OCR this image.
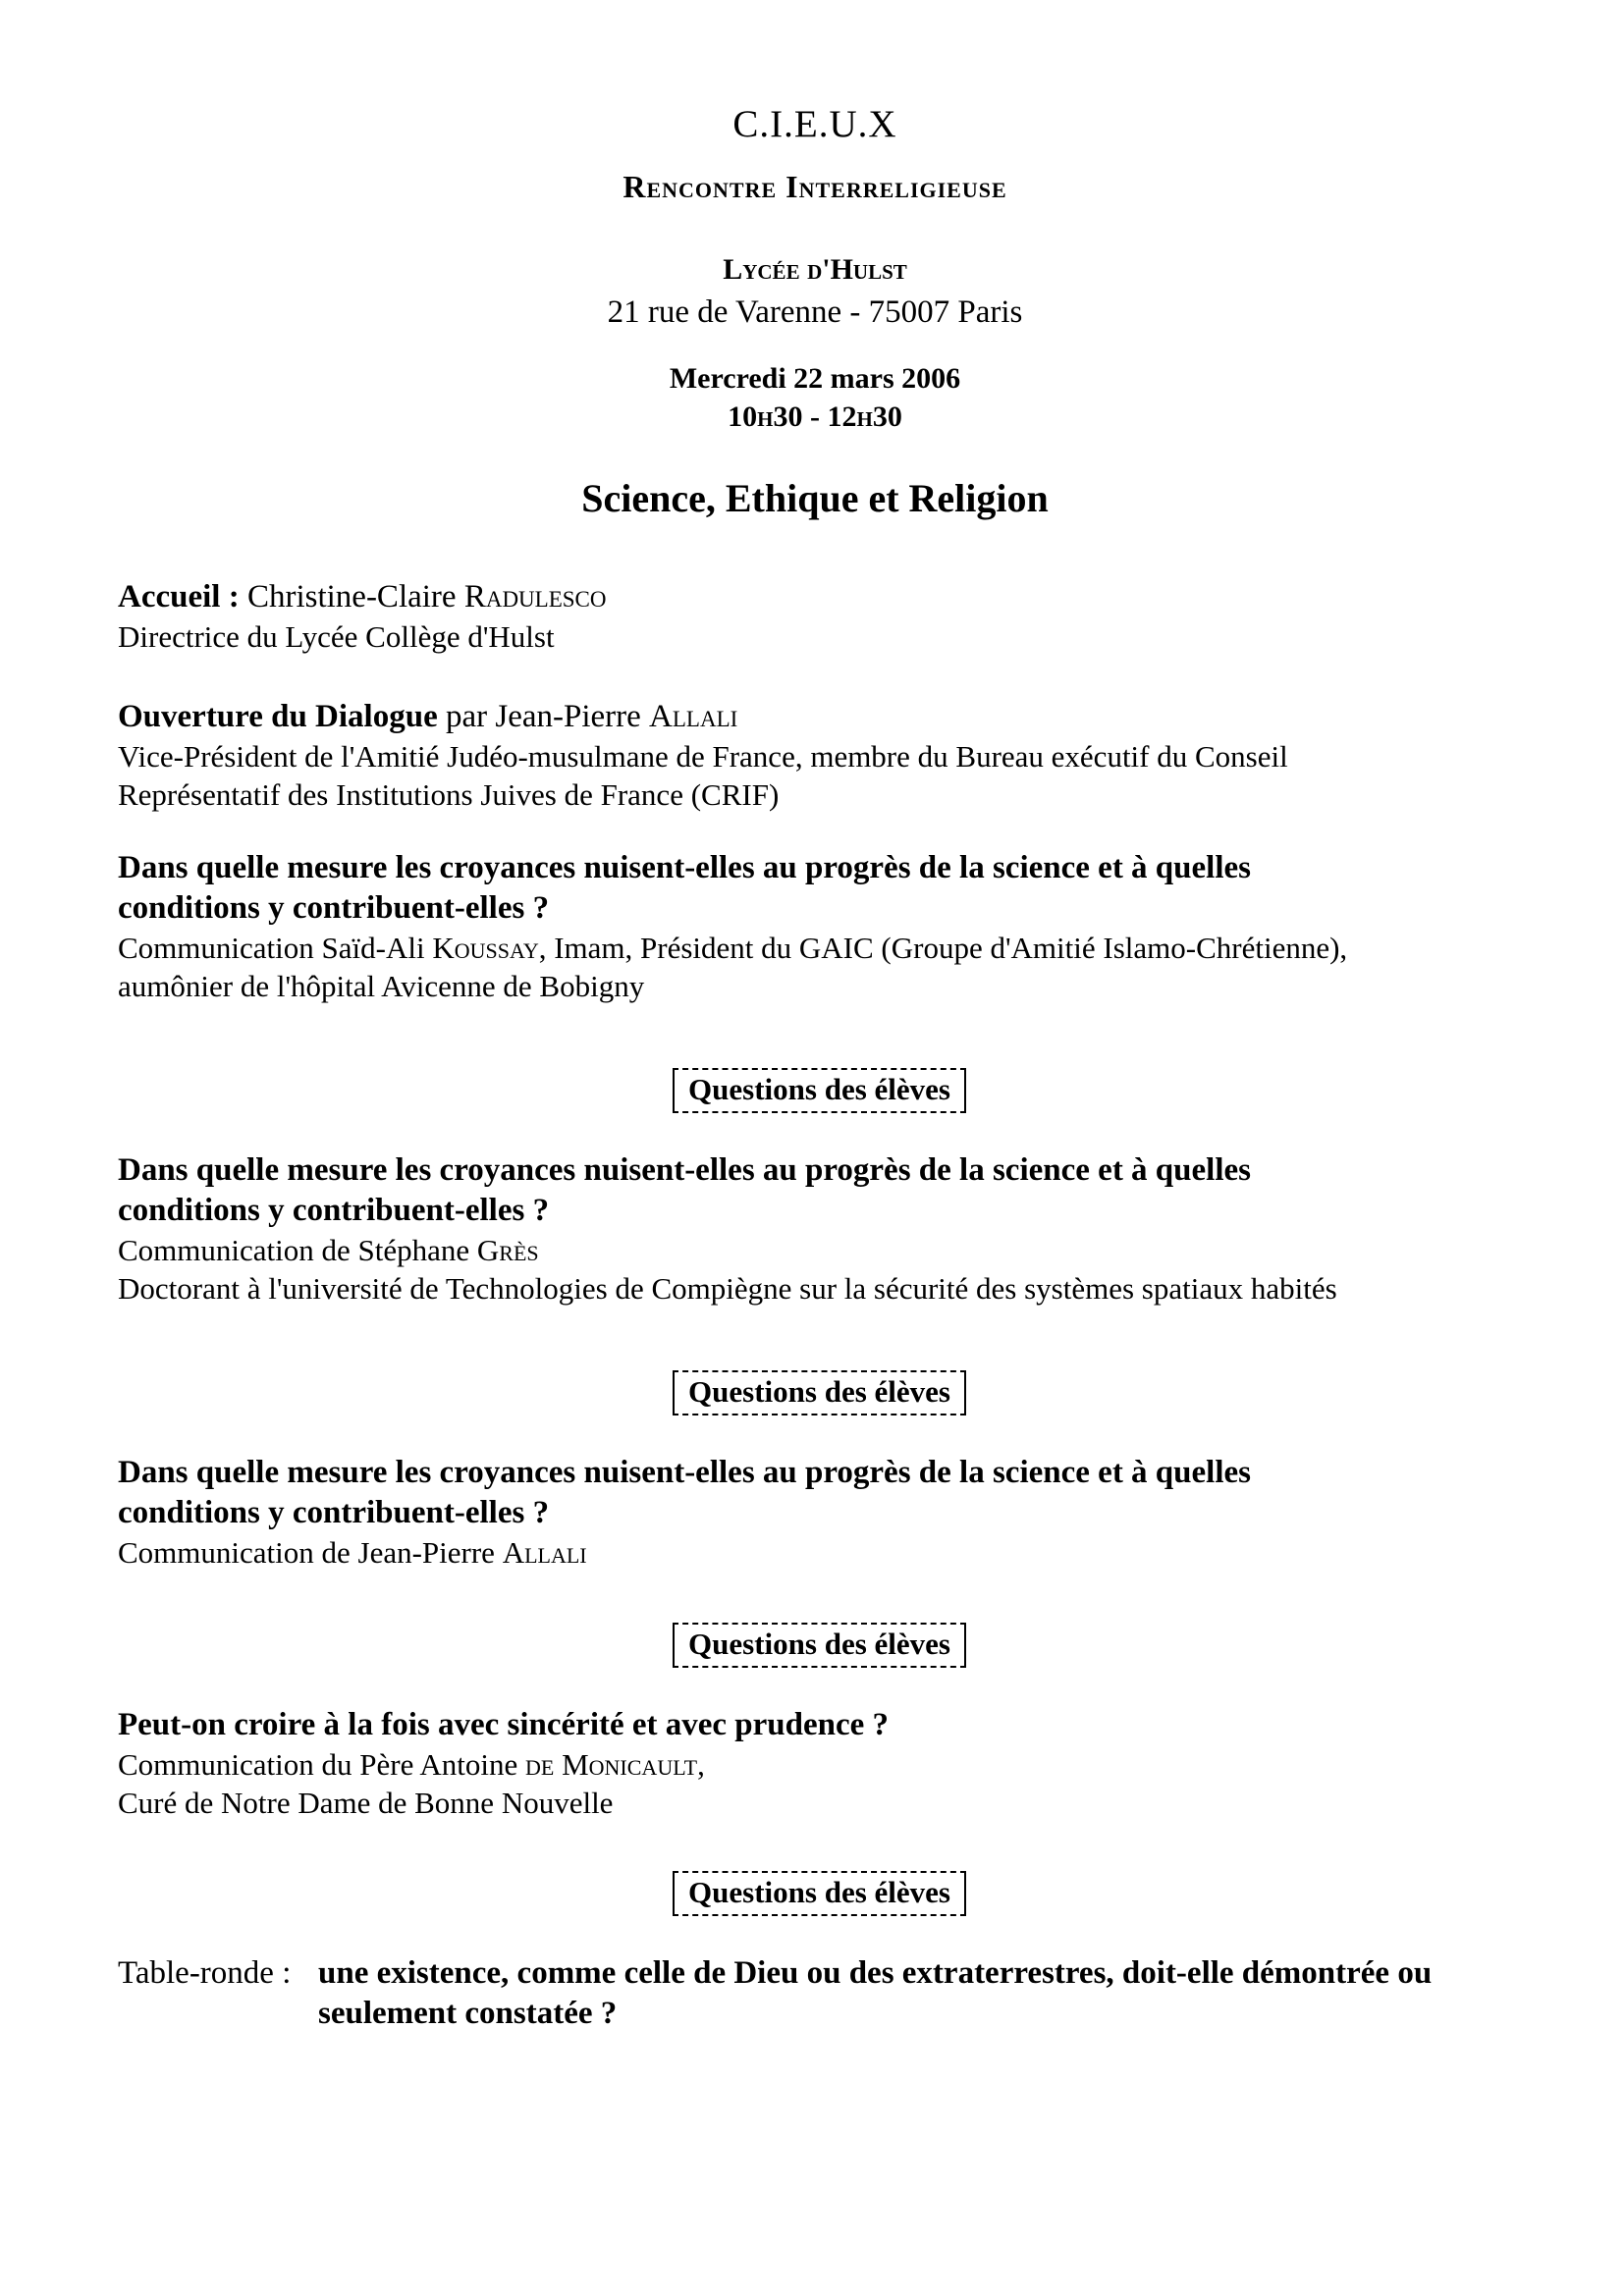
C.I.E.U.X
Rencontre Interreligieuse
Lycée d'Hulst
21 rue de Varenne - 75007 Paris
Mercredi 22 mars 2006
10h30 - 12h30
Science, Ethique et Religion
Accueil : Christine-Claire Radulesco
Directrice du Lycée Collège d'Hulst
Ouverture du Dialogue par Jean-Pierre Allali
Vice-Président de l'Amitié Judéo-musulmane de France, membre du Bureau exécutif du Conseil
Représentatif des Institutions Juives de France (CRIF)
Dans quelle mesure les croyances nuisent-elles au progrès de la science et à quelles
conditions y contribuent-elles ?
Communication Saïd-Ali Koussay, Imam, Président du GAIC (Groupe d'Amitié Islamo-Chrétienne),
aumônier de l'hôpital Avicenne de Bobigny
Questions des élèves
Dans quelle mesure les croyances nuisent-elles au progrès de la science et à quelles
conditions y contribuent-elles ?
Communication de Stéphane Grès
Doctorant à l'université de Technologies de Compiègne sur la sécurité des systèmes spatiaux habités
Questions des élèves
Dans quelle mesure les croyances nuisent-elles au progrès de la science et à quelles
conditions y contribuent-elles ?
Communication de Jean-Pierre Allali
Questions des élèves
Peut-on croire à la fois avec sincérité et avec prudence ?
Communication du Père Antoine de Monicault,
Curé de Notre Dame de Bonne Nouvelle
Questions des élèves
Table-ronde : une existence, comme celle de Dieu ou des extraterrestres, doit-elle démontrée ou seulement constatée ?
